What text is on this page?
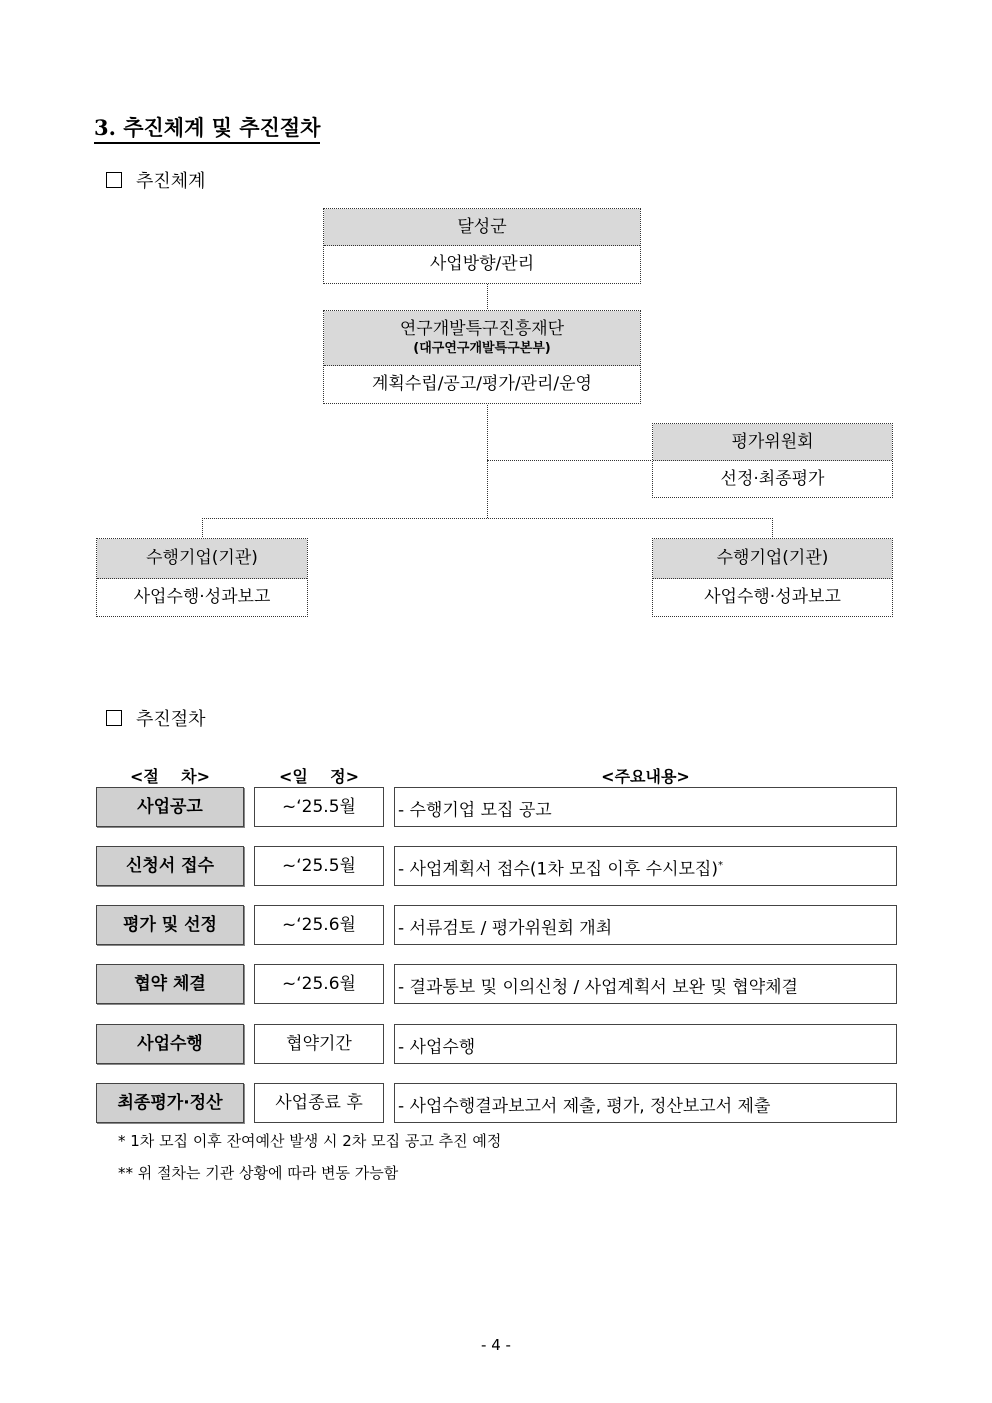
3. 추진체계 및 추진절차
추진체계
달성군
사업방향/관리
연구개발특구진흥재단
(대구연구개발특구본부)
계획수립/공고/평가/관리/운영
평가위원회
선정·최종평가
수행기업(기관)
사업수행·성과보고
수행기업(기관)
사업수행·성과보고
추진절차
<절    차>	<일    정>	<주요내용>
사업공고	~‘25.5월	- 수행기업 모집 공고
신청서 접수	~‘25.5월	- 사업계획서 접수(1차 모집 이후 수시모집)*
평가 및 선정	~‘25.6월	- 서류검토 / 평가위원회 개최
협약 체결	~‘25.6월	- 결과통보 및 이의신청 / 사업계획서 보완 및 협약체결
사업수행	협약기간	- 사업수행
최종평가·정산	사업종료 후	- 사업수행결과보고서 제출, 평가, 정산보고서 제출
* 1차 모집 이후 잔여예산 발생 시 2차 모집 공고 추진 예정
** 위 절차는 기관 상황에 따라 변동 가능함
- 4 -
